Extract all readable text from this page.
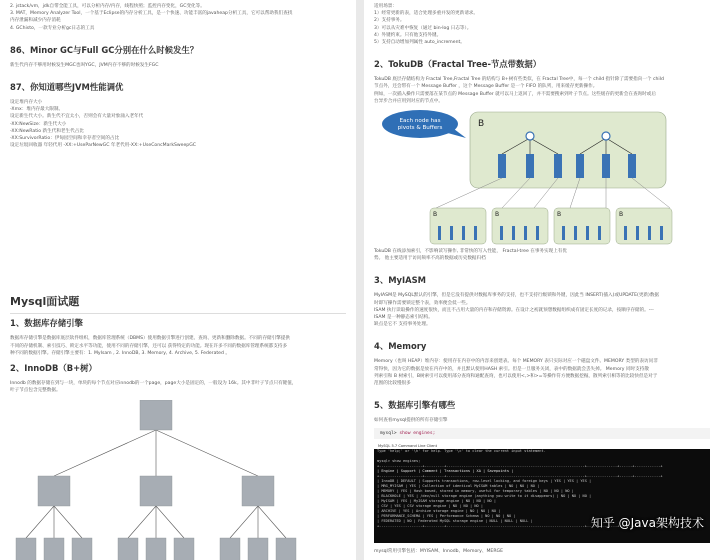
2. jstack/vm，jdk自带全能工具，可以分析内存/内存，线程快照；监控内存变化，GC变化等。

3. MAT，Memory Analyzer Tool，一个基于Eclipse的内存分析工具，是一个快速、功能丰富的javaheap分析工具，它可以帮助我们查找

内存泄漏和减少内存消耗

4. GChisto，一款专业分析gc日志的工具

86、Minor GC与Full GC分别在什么时候发生？

新生代内存不够用时候发生MGC也叫YGC，JVM内存不够的时候发生FGC

87、你知道哪些JVM性能调优

设定堆内存大小

-Xmx：堆内存最大限制。

设定新生代大小。新生代不宜太小，否则会有大量对象涌入老年代

-XX:NewSize：新生代大小

-XX:NewRatio 新生代和老生代占比

-XX:SurvivorRatio：伊甸园空间和幸存者空间的占比

设定垃圾回收器 年轻代用 -XX:+UseParNewGC 年老代用-XX:+UseConcMarkSweepGC

Mysql面试题
1、数据库存储引擎

数据库存储引擎是数据库底层软件组织，数据库管理系统（DBMS）使用数据引擎进行创建、查询、更新和删除数据。不同的存储引擎提供

不同的存储机制、索引技巧、锁定水平等功能，使用不同的存储引擎，还可以 获得特定的功能。现在许多不同的数据库管理系统都支持多

种不同的数据引擎。存储引擎主要有：1. MyIsam , 2. InnoDB, 3. Memory, 4. Archive, 5. Federated 。

2、InnoDB（B+树）

Innodb 的数据存储在到与一块，单块的每个节点对应innodb的一个page，page大小是固定的，一般设为 16k。其中非叶子节点只有键值，

叶子节点包含完整数据。

适用场景：

1）经常更新的表，适合处理多重并发的更新请求。

2）支持事务。

3）可以从灾难中恢复（通过 bin-log 日志等）。

4）外键约束。只有他支持外键。

5）支持自动增加列属性 auto_increment。

2、TokuDB（Fractal Tree-节点带数据）

TokuDB 底层存储结构为 Fractal Tree,Fractal Tree 的结构与 B+树有些类似，在 Fractal Tree中，每一个 child 指针除了需要指向一个 child

节点外，还会带有一个 Message Buffer ，这个 Message Buffer 是一个 FIFO 的队列，用来缓存更新操作。

例如，一次插入操作只需要落在某节点的 Message Buffer 就可以马上返回了，并不需要搜索到叶子节点。这些缓存的更新会在查询时或后

台异步合并应用到对应的节点中。

Each node has
pivots & Buffers	B
B	B	B	B

TokuDB 在线添加索引，不影响读写操作, 非常快的写入性能， Fractal-tree 在事务实现上有优

势。 他主要适用于访问频率不高的数据或历史数据归档

3、MyIASM

MyIASM是 MySQL默认的引擎，但是它没有提供对数据库事务的支持，也不支持行级锁和外键，因此当 INSERT(插入)或UPDATE(更新)数据

时即写操作需要锁定整个表，效率便会低一些。

ISAM 执行读取操作的速度很快，而且不占用大量的内存和存储资源。在设计之初就预想数据组织成有固定长度的记录，按顺序存储的。---

ISAM 是一种静态索引结构。

缺点是它不 支持事务处理。

4、Memory

Memory（也叫 HEAP）堆内存：使用存在内存中的内容来创建表。每个 MEMORY 表只实际对应一个磁盘文件。MEMORY 类型的表访问非

常得快，因为它的数据是放在内存中的，并且默认使用HASH 索引。但是一旦服务关闭，表中的数据就会丢失掉。 Memory 同时支持散

列索引和 B 树索引，B树索引可以使用部分查询和通配查询，也可以使用<,>和>=等操作符方便数据挖掘，散列索引相等的比较快但是对于

范围的比较慢很多

5、数据库引擎有哪些

如何查看mysql提供的所有存储引擎

mysql> show engines;
MySQL 5.7 Command Line Client
Type 'help;' or '\h' for help. Type '\c' to clear the current input statement.

mysql> show engines;
+--------------------+---------+----------------------------------------------------------------+--------------+------+------------+
| Engine | Support | Comment | Transactions | XA | Savepoints |
+--------------------+---------+----------------------------------------------------------------+--------------+------+------------+
| InnoDB | DEFAULT | Supports transactions, row-level locking, and foreign keys | YES | YES | YES |
| MRG_MYISAM | YES | Collection of identical MyISAM tables | NO | NO | NO |
| MEMORY | YES | Hash based, stored in memory, useful for temporary tables | NO | NO | NO |
| BLACKHOLE | YES | /dev/null storage engine (anything you write to it disappears) | NO | NO | NO |
| MyISAM | YES | MyISAM storage engine | NO | NO | NO |
| CSV | YES | CSV storage engine | NO | NO | NO |
| ARCHIVE | YES | Archive storage engine | NO | NO | NO |
| PERFORMANCE_SCHEMA | YES | Performance Schema | NO | NO | NO |
| FEDERATED | NO | Federated MySQL storage engine | NULL | NULL | NULL |
+--------------------+---------+----------------------------------------------------------------+--------------+------+------------+
知乎 @Java架构技术

mysql常用引擎包括：MYISAM、Innodb、Memory、MERGE
